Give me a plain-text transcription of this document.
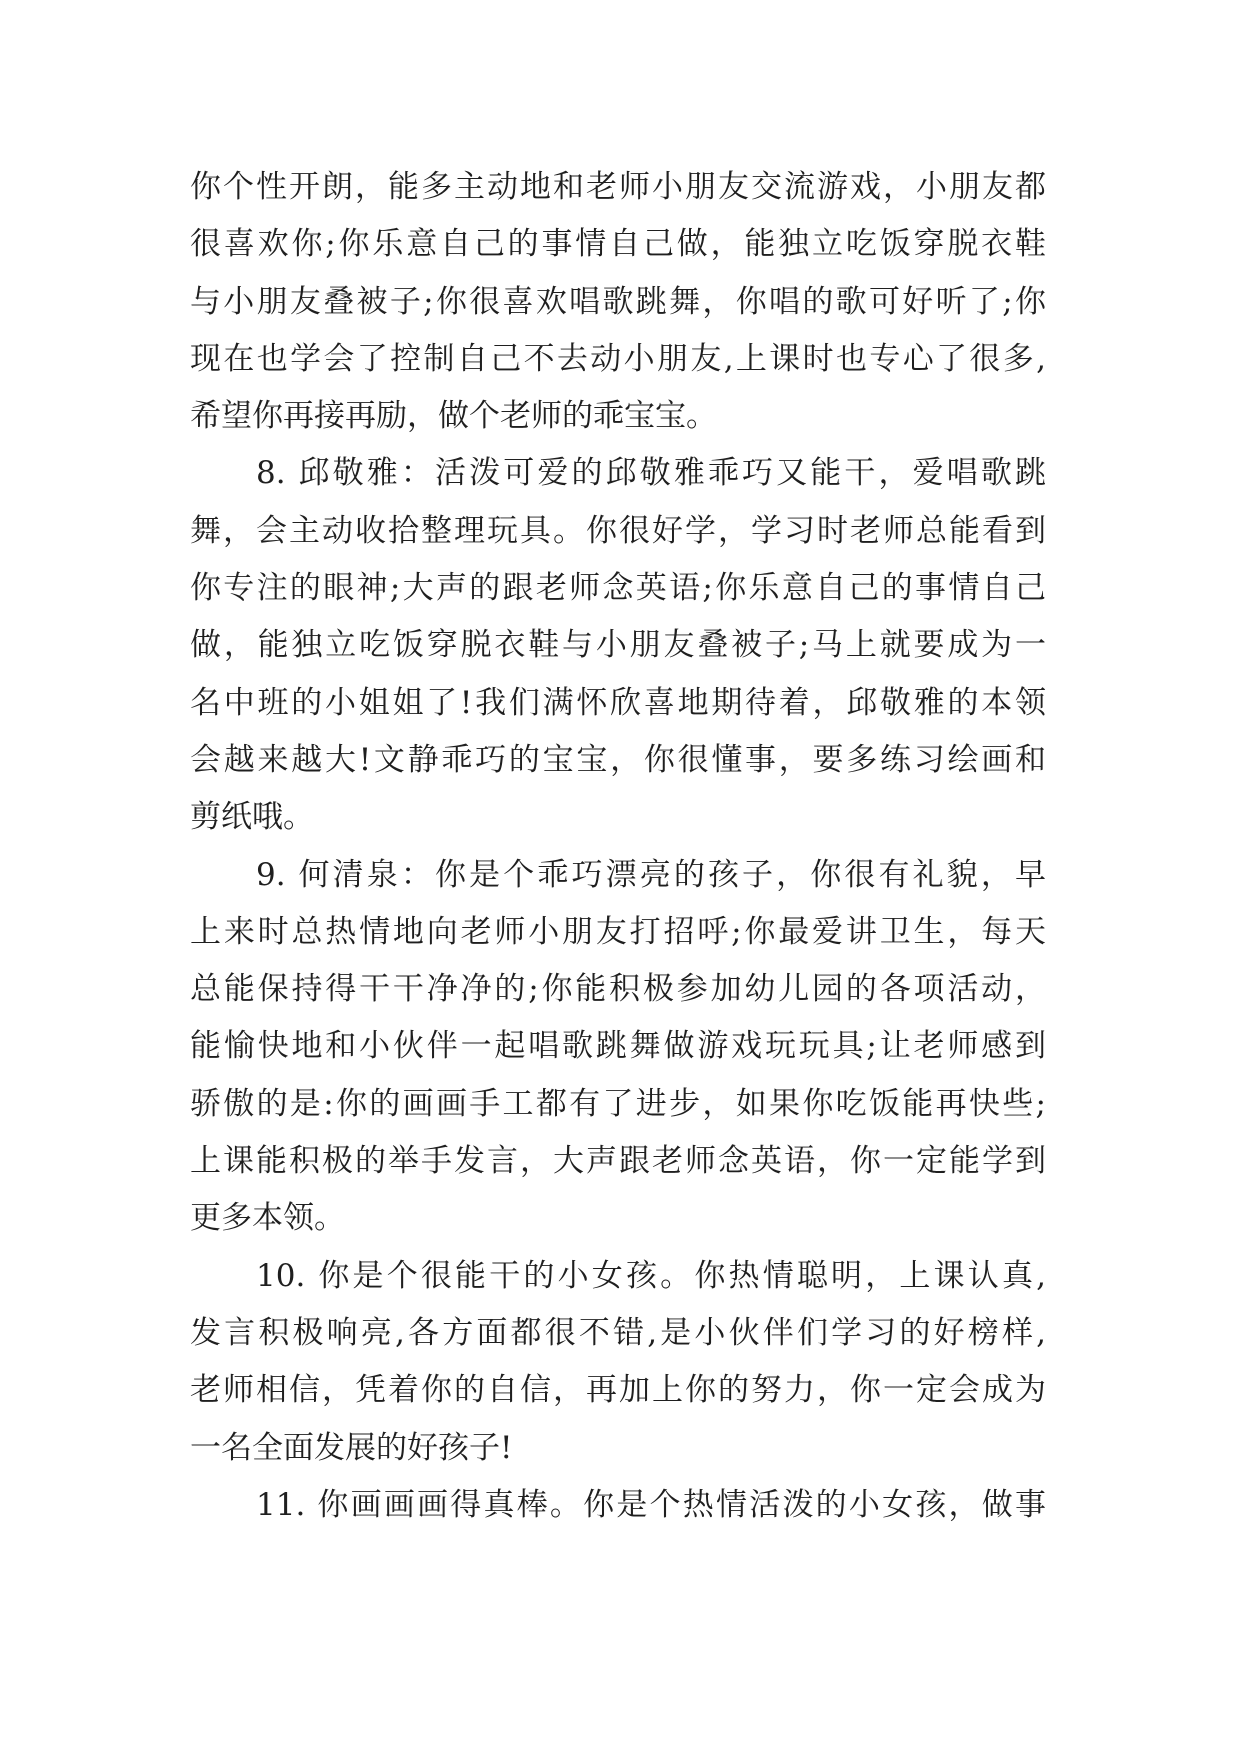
你个性开朗，能多主动地和老师小朋友交流游戏，小朋友都
很喜欢你;你乐意自己的事情自己做，能独立吃饭穿脱衣鞋
与小朋友叠被子;你很喜欢唱歌跳舞，你唱的歌可好听了;你
现在也学会了控制自己不去动小朋友,上课时也专心了很多,
希望你再接再励，做个老师的乖宝宝。
8. 邱敬雅：活泼可爱的邱敬雅乖巧又能干，爱唱歌跳
舞，会主动收拾整理玩具。你很好学，学习时老师总能看到
你专注的眼神;大声的跟老师念英语;你乐意自己的事情自己
做，能独立吃饭穿脱衣鞋与小朋友叠被子;马上就要成为一
名中班的小姐姐了!我们满怀欣喜地期待着，邱敬雅的本领
会越来越大!文静乖巧的宝宝，你很懂事，要多练习绘画和
剪纸哦。
9. 何清泉：你是个乖巧漂亮的孩子，你很有礼貌，早
上来时总热情地向老师小朋友打招呼;你最爱讲卫生，每天
总能保持得干干净净的;你能积极参加幼儿园的各项活动，
能愉快地和小伙伴一起唱歌跳舞做游戏玩玩具;让老师感到
骄傲的是:你的画画手工都有了进步，如果你吃饭能再快些;
上课能积极的举手发言，大声跟老师念英语，你一定能学到
更多本领。
10. 你是个很能干的小女孩。你热情聪明，上课认真,
发言积极响亮,各方面都很不错,是小伙伴们学习的好榜样,
老师相信，凭着你的自信，再加上你的努力，你一定会成为
一名全面发展的好孩子!
11. 你画画画得真棒。你是个热情活泼的小女孩，做事
